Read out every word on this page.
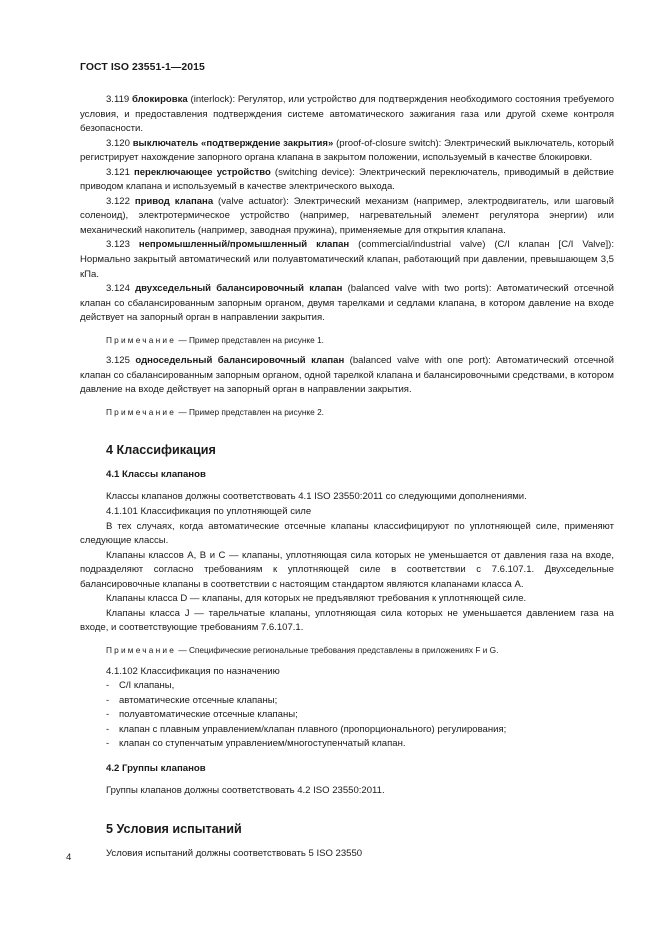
ГОСТ ISO 23551-1—2015

3.119 блокировка (interlock): Регулятор, или устройство для подтверждения необходимого состояния требуемого условия, и предоставления подтверждения системе автоматического зажигания газа или другой схеме контроля безопасности.

3.120 выключатель «подтверждение закрытия» (proof-of-closure switch): Электрический выключатель, который регистрирует нахождение запорного органа клапана в закрытом положении, используемый в качестве блокировки.

3.121 переключающее устройство (switching device): Электрический переключатель, приводимый в действие приводом клапана и используемый в качестве электрического выхода.

3.122 привод клапана (valve actuator): Электрический механизм (например, электродвигатель, или шаговый соленоид), электротермическое устройство (например, нагревательный элемент регулятора энергии) или механический накопитель (например, заводная пружина), применяемые для открытия клапана.

3.123 непромышленный/промышленный клапан (commercial/industrial valve) (С/I клапан [C/I Valve]): Нормально закрытый автоматический или полуавтоматический клапан, работающий при давлении, превышающем 3,5 кПа.

3.124 двухседельный балансировочный клапан (balanced valve with two ports): Автоматический отсечной клапан со сбалансированным запорным органом, двумя тарелками и седлами клапана, в котором давление на входе действует на запорный орган в направлении закрытия.

Примечание — Пример представлен на рисунке 1.

3.125 односедельный балансировочный клапан (balanced valve with one port): Автоматический отсечной клапан со сбалансированным запорным органом, одной тарелкой клапана и балансировочными средствами, в котором давление на входе действует на запорный орган в направлении закрытия.

Примечание — Пример представлен на рисунке 2.

4 Классификация
4.1 Классы клапанов

Классы клапанов должны соответствовать 4.1 ISO 23550:2011 со следующими дополнениями.

4.1.101 Классификация по уплотняющей силе

В тех случаях, когда автоматические отсечные клапаны классифицируют по уплотняющей силе, применяют следующие классы.

Клапаны классов А, В и С — клапаны, уплотняющая сила которых не уменьшается от давления газа на входе, подразделяют согласно требованиям к уплотняющей силе в соответствии с 7.6.107.1. Двухседельные балансировочные клапаны в соответствии с настоящим стандартом являются клапанами класса А.

Клапаны класса D — клапаны, для которых не предъявляют требования к уплотняющей силе.

Клапаны класса J — тарельчатые клапаны, уплотняющая сила которых не уменьшается давлением газа на входе, и соответствующие требованиям 7.6.107.1.

Примечание — Специфические региональные требования представлены в приложениях F и G.

4.1.102 Классификация по назначению

- С/I клапаны,
- автоматические отсечные клапаны;
- полуавтоматические отсечные клапаны;
- клапан с плавным управлением/клапан плавного (пропорционального) регулирования;
- клапан со ступенчатым управлением/многоступенчатый клапан.
4.2 Группы клапанов

Группы клапанов должны соответствовать 4.2 ISO 23550:2011.

5 Условия испытаний

Условия испытаний должны соответствовать 5 ISO 23550

4
